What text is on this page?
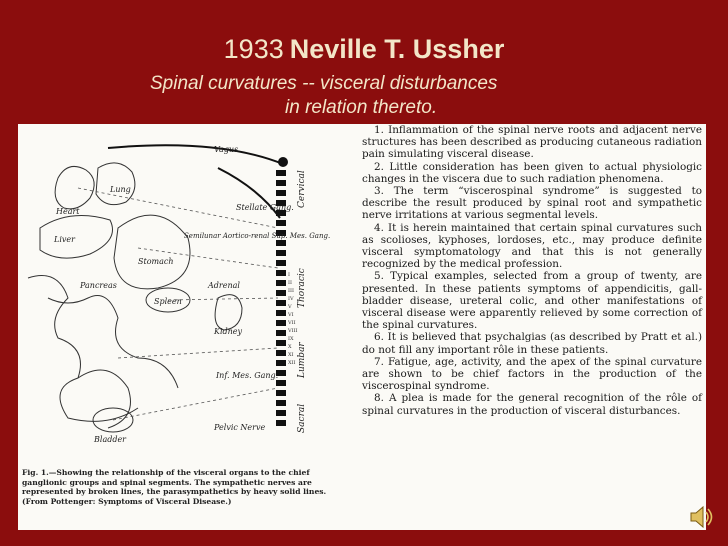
1933 Neville T. Ussher
Spinal curvatures -- visceral disturbances
in relation thereto.
Vagus
Heart
Lung
Liver
Stellate Gang.
Stomach
Pancreas
Spleen
Adrenal
Kidney
Inf. Mes. Gang.
Pelvic Nerve
Bladder
Semilunar Aortico-renal Sup. Mes. Gang.
Cervical
Thoracic
Lumbar
Sacral
I
II
III
IV
V
VI
VII
VIII
IX
X
XI
XII
Fig. 1.—Showing the relationship of the visceral organs to the chief ganglionic groups and spinal segments. The sympathetic nerves are represented by broken lines, the parasympathetics by heavy solid lines. (From Pottenger: Symptoms of Visceral Disease.)

1. Inflammation of the spinal nerve roots and adjacent nerve structures has been described as producing cutaneous radiation pain simulating visceral disease.

2. Little consideration has been given to actual physiologic changes in the viscera due to such radiation phenomena.

3. The term “viscerospinal syndrome” is suggested to describe the result produced by spinal root and sympathetic nerve irritations at various segmental levels.

4. It is herein maintained that certain spinal curvatures such as scolioses, kyphoses, lordoses, etc., may produce definite visceral symptomatology and that this is not generally recognized by the medical profession.

5. Typical examples, selected from a group of twenty, are presented. In these patients symptoms of appendicitis, gall-bladder disease, ureteral colic, and other manifestations of visceral disease were apparently relieved by some correction of the spinal curvatures.

6. It is believed that psychalgias (as described by Pratt et al.) do not fill any important rôle in these patients.

7. Fatigue, age, activity, and the apex of the spinal curvature are shown to be chief factors in the production of the viscerospinal syndrome.

8. A plea is made for the general recognition of the rôle of spinal curvatures in the production of visceral disturbances.
